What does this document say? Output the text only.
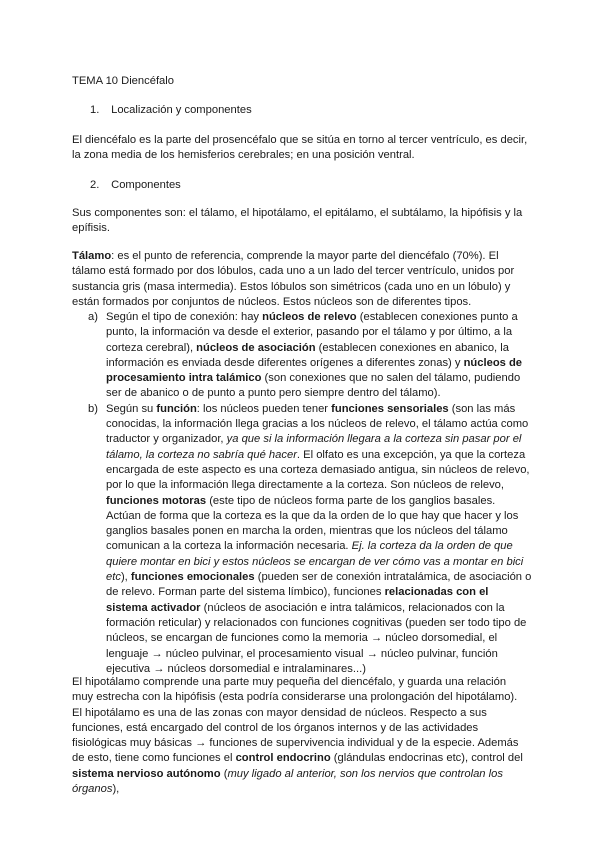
TEMA 10 Diencéfalo

1. Localización y componentes

El diencéfalo es la parte del prosencéfalo que se sitúa en torno al tercer ventrículo, es decir, la zona media de los hemisferios cerebrales; en una posición ventral.

2. Componentes

Sus componentes son: el tálamo, el hipotálamo, el epitálamo, el subtálamo, la hipófisis y la epífisis.

Tálamo: es el punto de referencia, comprende la mayor parte del diencéfalo (70%). El tálamo está formado por dos lóbulos, cada uno a un lado del tercer ventrículo, unidos por sustancia gris (masa intermedia). Estos lóbulos son simétricos (cada uno en un lóbulo) y están formados por conjuntos de núcleos. Estos núcleos son de diferentes tipos.

a) Según el tipo de conexión: hay núcleos de relevo (establecen conexiones punto a punto, la información va desde el exterior, pasando por el tálamo y por último, a la corteza cerebral), núcleos de asociación (establecen conexiones en abanico, la información es enviada desde diferentes orígenes a diferentes zonas) y núcleos de procesamiento intra talámico (son conexiones que no salen del tálamo, pudiendo ser de abanico o de punto a punto pero siempre dentro del tálamo).

b) Según su función: los núcleos pueden tener funciones sensoriales (son las más conocidas, la información llega gracias a los núcleos de relevo, el tálamo actúa como traductor y organizador, ya que si la información llegara a la corteza sin pasar por el tálamo, la corteza no sabría qué hacer. El olfato es una excepción, ya que la corteza encargada de este aspecto es una corteza demasiado antigua, sin núcleos de relevo, por lo que la información llega directamente a la corteza. Son núcleos de relevo, funciones motoras (este tipo de núcleos forma parte de los ganglios basales. Actúan de forma que la corteza es la que da la orden de lo que hay que hacer y los ganglios basales ponen en marcha la orden, mientras que los núcleos del tálamo comunican a la corteza la información necesaria. Ej. la corteza da la orden de que quiere montar en bici y estos núcleos se encargan de ver cómo vas a montar en bici etc), funciones emocionales (pueden ser de conexión intratalámica, de asociación o de relevo. Forman parte del sistema límbico), funciones relacionadas con el sistema activador (núcleos de asociación e intra talámicos, relacionados con la formación reticular) y relacionados con funciones cognitivas (pueden ser todo tipo de núcleos, se encargan de funciones como la memoria → núcleo dorsomedial, el lenguaje → núcleo pulvinar, el procesamiento visual → núcleo pulvinar, función ejecutiva → núcleos dorsomedial e intralaminares...)

El hipotálamo comprende una parte muy pequeña del diencéfalo, y guarda una relación muy estrecha con la hipófisis (esta podría considerarse una prolongación del hipotálamo). El hipotálamo es una de las zonas con mayor densidad de núcleos. Respecto a sus funciones, está encargado del control de los órganos internos y de las actividades fisiológicas muy básicas → funciones de supervivencia individual y de la especie. Además de esto, tiene como funciones el control endocrino (glándulas endocrinas etc), control del sistema nervioso autónomo (muy ligado al anterior, son los nervios que controlan los órganos),
